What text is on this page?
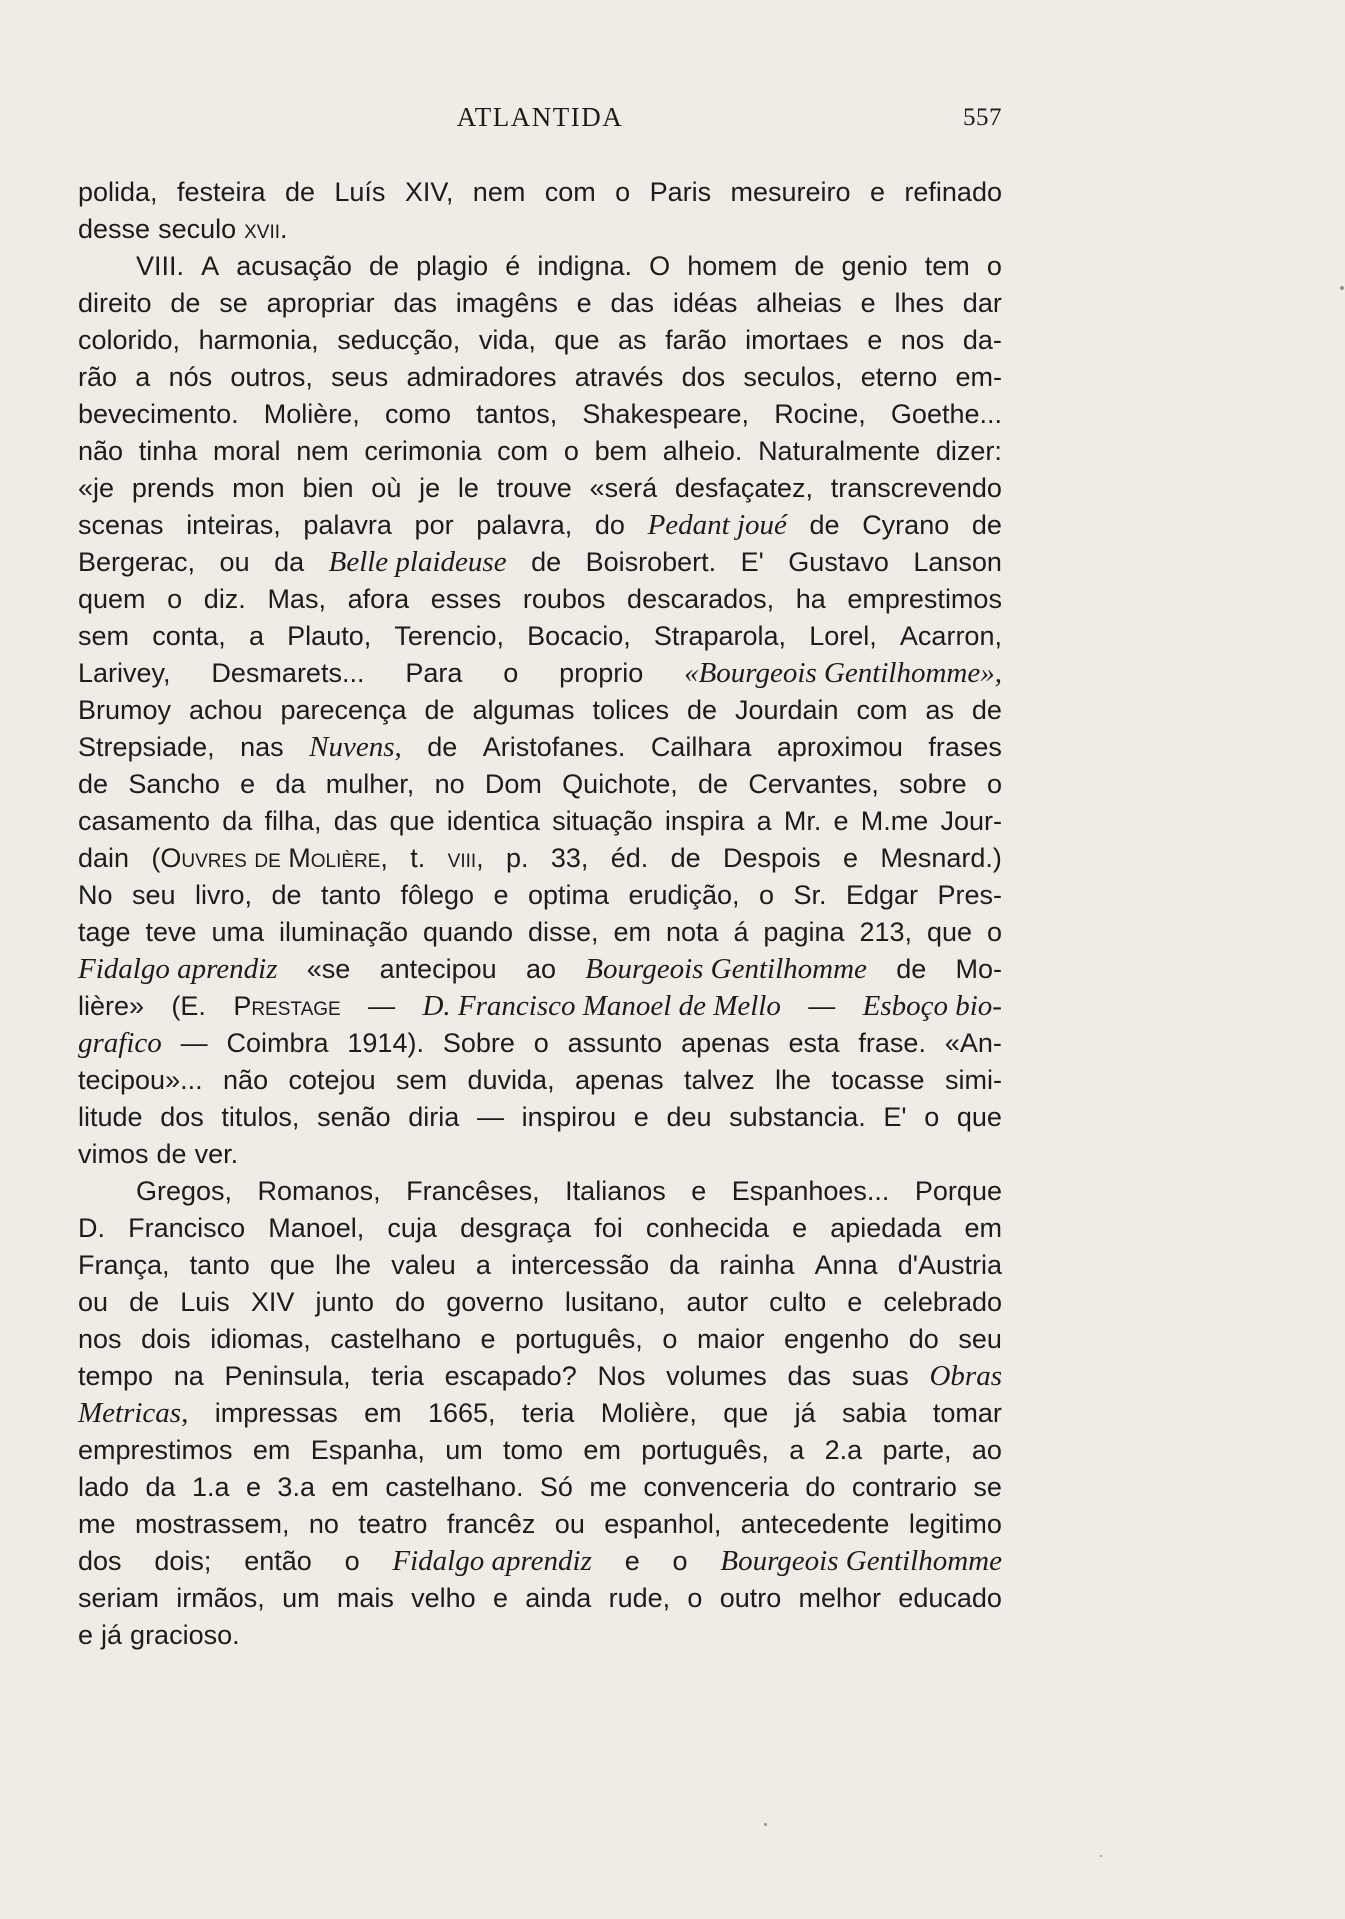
ATLANTIDA	557
polida, festeira de Luís XIV, nem com o Paris mesureiro e refinado
desse seculo xvii.
VIII. A acusação de plagio é indigna. O homem de genio tem o
direito de se apropriar das imagêns e das idéas alheias e lhes dar
colorido, harmonia, seducção, vida, que as farão imortaes e nos da-
rão a nós outros, seus admiradores através dos seculos, eterno em-
bevecimento. Molière, como tantos, Shakespeare, Rocine, Goethe...
não tinha moral nem cerimonia com o bem alheio. Naturalmente dizer:
«je prends mon bien où je le trouve «será desfaçatez, transcrevendo
scenas inteiras, palavra por palavra, do Pedant joué de Cyrano de
Bergerac, ou da Belle plaideuse de Boisrobert. E' Gustavo Lanson
quem o diz. Mas, afora esses roubos descarados, ha emprestimos
sem conta, a Plauto, Terencio, Bocacio, Straparola, Lorel, Acarron,
Larivey, Desmarets... Para o proprio «Bourgeois Gentilhomme»,
Brumoy achou parecença de algumas tolices de Jourdain com as de
Strepsiade, nas Nuvens, de Aristofanes. Cailhara aproximou frases
de Sancho e da mulher, no Dom Quichote, de Cervantes, sobre o
casamento da filha, das que identica situação inspira a Mr. e M.me Jour-
dain (Ouvres de Molière, t. viii, p. 33, éd. de Despois e Mesnard.)
No seu livro, de tanto fôlego e optima erudição, o Sr. Edgar Pres-
tage teve uma iluminação quando disse, em nota á pagina 213, que o
Fidalgo aprendiz «se antecipou ao Bourgeois Gentilhomme de Mo-
lière» (E. Prestage — D. Francisco Manoel de Mello — Esboço bio-
grafico — Coimbra 1914). Sobre o assunto apenas esta frase. «An-
tecipou»... não cotejou sem duvida, apenas talvez lhe tocasse simi-
litude dos titulos, senão diria — inspirou e deu substancia. E' o que
vimos de ver.
Gregos, Romanos, Francêses, Italianos e Espanhoes... Porque
D. Francisco Manoel, cuja desgraça foi conhecida e apiedada em
França, tanto que lhe valeu a intercessão da rainha Anna d'Austria
ou de Luis XIV junto do governo lusitano, autor culto e celebrado
nos dois idiomas, castelhano e português, o maior engenho do seu
tempo na Peninsula, teria escapado? Nos volumes das suas Obras
Metricas, impressas em 1665, teria Molière, que já sabia tomar
emprestimos em Espanha, um tomo em português, a 2.a parte, ao
lado da 1.a e 3.a em castelhano. Só me convenceria do contrario se
me mostrassem, no teatro francêz ou espanhol, antecedente legitimo
dos dois; então o Fidalgo aprendiz e o Bourgeois Gentilhomme
seriam irmãos, um mais velho e ainda rude, o outro melhor educado
e já gracioso.
